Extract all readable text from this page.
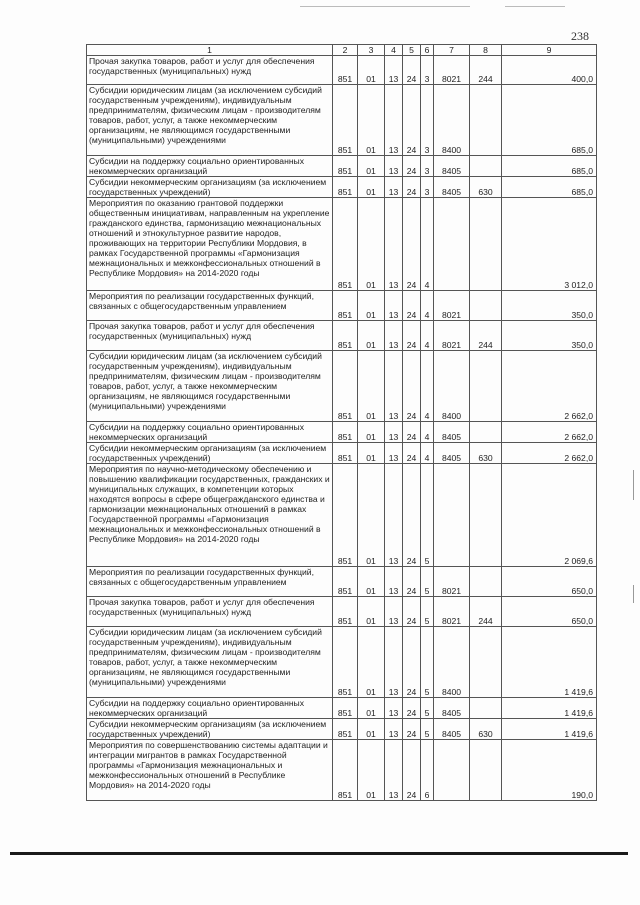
238
1	2	3	4	5	6	7	8	9
Прочая закупка товаров, работ и услуг для обеспечения государственных (муниципальных) нужд	851	01	13	24	3	8021	244	400,0
Субсидии юридическим лицам (за исключением субсидий государственным учреждениям), индивидуальным предпринимателям, физическим лицам - производителям товаров, работ, услуг, а также некоммерческим организациям, не являющимся государственными (муниципальными) учреждениями	851	01	13	24	3	8400		685,0
Субсидии на поддержку социально ориентированных некоммерческих организаций	851	01	13	24	3	8405		685,0
Субсидии некоммерческим организациям (за исключением государственных учреждений)	851	01	13	24	3	8405	630	685,0
Мероприятия по оказанию грантовой поддержки общественным инициативам, направленным на укрепление гражданского единства, гармонизацию межнациональных отношений и этнокультурное развитие народов, проживающих на территории Республики Мордовия, в рамках Государственной программы «Гармонизация межнациональных и межконфессиональных отношений в Республике Мордовия» на 2014-2020 годы	851	01	13	24	4			3 012,0
Мероприятия по реализации государственных функций, связанных с общегосударственным управлением	851	01	13	24	4	8021		350,0
Прочая закупка товаров, работ и услуг для обеспечения государственных (муниципальных) нужд	851	01	13	24	4	8021	244	350,0
Субсидии юридическим лицам (за исключением субсидий государственным учреждениям), индивидуальным предпринимателям, физическим лицам - производителям товаров, работ, услуг, а также некоммерческим организациям, не являющимся государственными (муниципальными) учреждениями	851	01	13	24	4	8400		2 662,0
Субсидии на поддержку социально ориентированных некоммерческих организаций	851	01	13	24	4	8405		2 662,0
Субсидии некоммерческим организациям (за исключением государственных учреждений)	851	01	13	24	4	8405	630	2 662,0
Мероприятия по научно-методическому обеспечению и повышению квалификации государственных, гражданских и муниципальных служащих, в компетенции которых находятся вопросы в сфере общегражданского единства и гармонизации межнациональных отношений в рамках Государственной программы «Гармонизация межнациональных и межконфессиональных отношений в Республике Мордовия» на 2014-2020 годы	851	01	13	24	5			2 069,6
Мероприятия по реализации государственных функций, связанных с общегосударственным управлением	851	01	13	24	5	8021		650,0
Прочая закупка товаров, работ и услуг для обеспечения государственных (муниципальных) нужд	851	01	13	24	5	8021	244	650,0
Субсидии юридическим лицам (за исключением субсидий государственным учреждениям), индивидуальным предпринимателям, физическим лицам - производителям товаров, работ, услуг, а также некоммерческим организациям, не являющимся государственными (муниципальными) учреждениями	851	01	13	24	5	8400		1 419,6
Субсидии на поддержку социально ориентированных некоммерческих организаций	851	01	13	24	5	8405		1 419,6
Субсидии некоммерческим организациям (за исключением государственных учреждений)	851	01	13	24	5	8405	630	1 419,6
Мероприятия по совершенствованию системы адаптации и интеграции мигрантов в рамках Государственной программы «Гармонизация межнациональных и межконфессиональных отношений в Республике Мордовия» на 2014-2020 годы	851	01	13	24	6			190,0
